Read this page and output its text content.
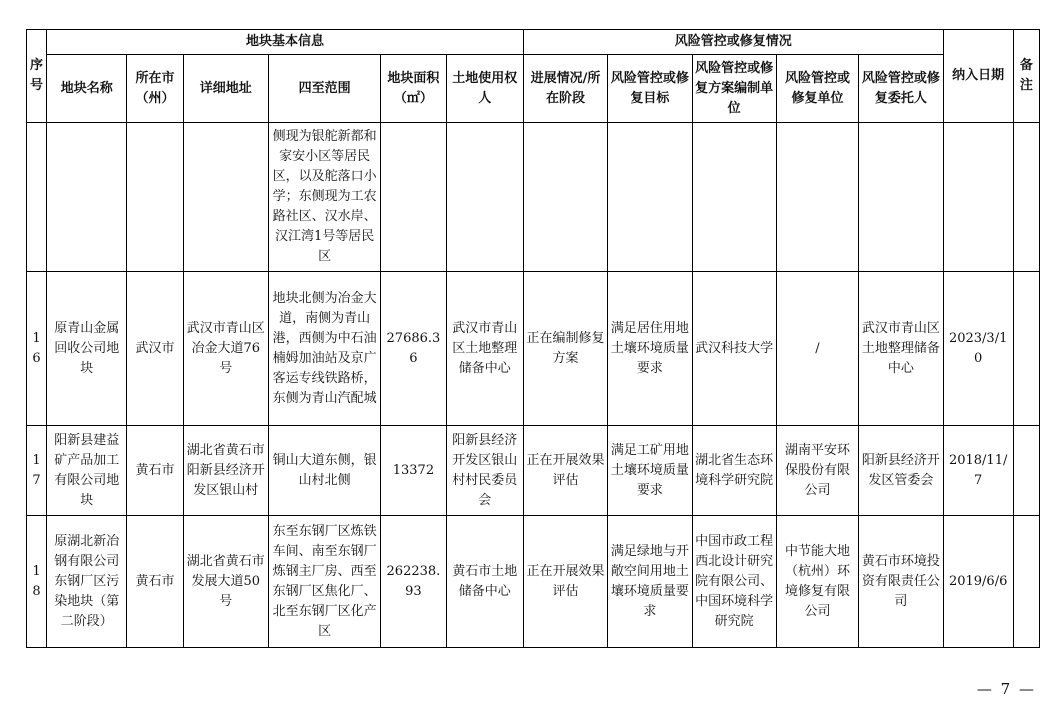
序号	地块基本信息						风险管控或修复情况					纳入日期	备注
	地块名称	所在市（州）	详细地址	四至范围	地块面积（㎡）	土地使用权人	进展情况/所在阶段	风险管控或修复目标	风险管控或修复方案编制单位	风险管控或修复单位	风险管控或修复委托人		
				侧现为银舵新都和家安小区等居民区，以及舵落口小学；东侧现为工农路社区、汉水岸、汉江湾1号等居民区									
16	原青山金属回收公司地块	武汉市	武汉市青山区冶金大道76号	地块北侧为冶金大道，南侧为青山港，西侧为中石油楠姆加油站及京广客运专线铁路桥，东侧为青山汽配城	27686.36	武汉市青山区土地整理储备中心	正在编制修复方案	满足居住用地土壤环境质量要求	武汉科技大学	/	武汉市青山区土地整理储备中心	2023/3/10	
17	阳新县建益矿产品加工有限公司地块	黄石市	湖北省黄石市阳新县经济开发区银山村	铜山大道东侧，银山村北侧	13372	阳新县经济开发区银山村村民委员会	正在开展效果评估	满足工矿用地土壤环境质量要求	湖北省生态环境科学研究院	湖南平安环保股份有限公司	阳新县经济开发区管委会	2018/11/7	
18	原湖北新冶钢有限公司东钢厂区污染地块（第二阶段）	黄石市	湖北省黄石市发展大道50号	东至东钢厂区炼铁车间、南至东钢厂炼钢主厂房、西至东钢厂区焦化厂、北至东钢厂区化产区	262238.93	黄石市土地储备中心	正在开展效果评估	满足绿地与开敞空间用地土壤环境质量要求	中国市政工程西北设计研究院有限公司、中国环境科学研究院	中节能大地（杭州）环境修复有限公司	黄石市环境投资有限责任公司	2019/6/6	
— 7 —
